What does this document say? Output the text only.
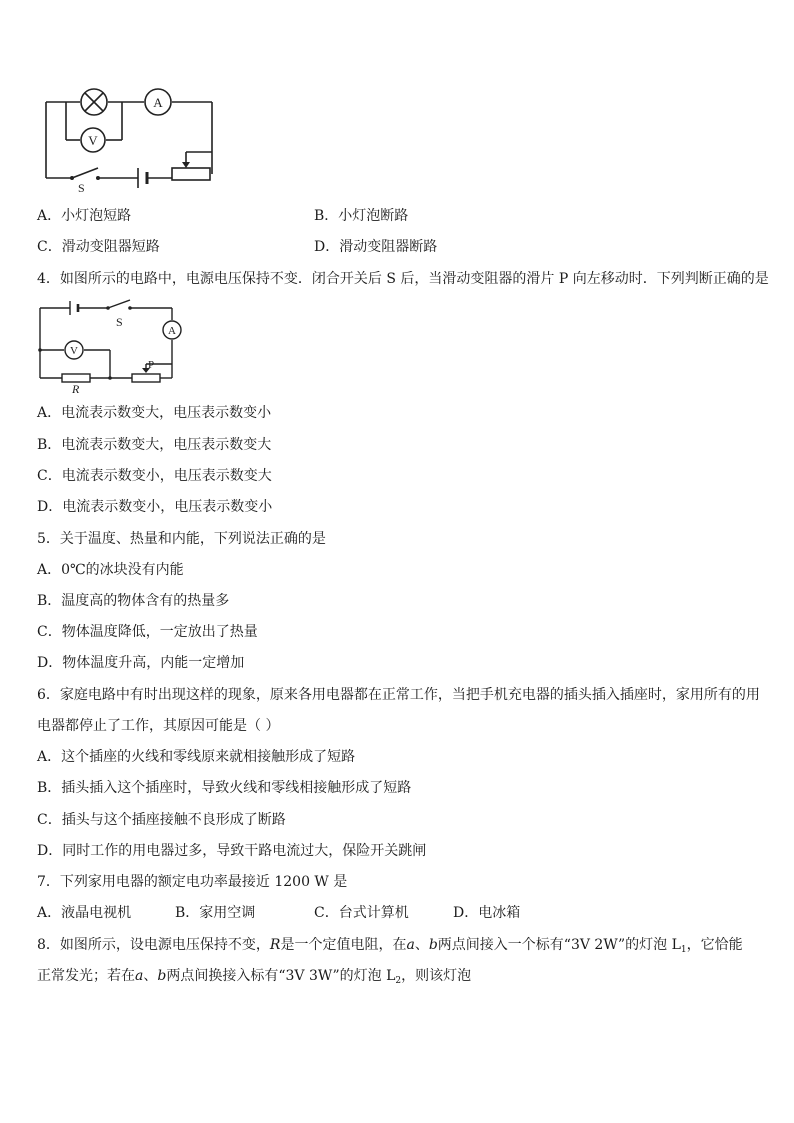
A
V
S
A．小灯泡短路	B．小灯泡断路
C．滑动变阻器短路	D．滑动变阻器断路
4．如图所示的电路中，电源电压保持不变．闭合开关后 S 后，当滑动变阻器的滑片 P 向左移动时．下列判断正确的是
S
A
V
P
R
A．电流表示数变大，电压表示数变小
B．电流表示数变大，电压表示数变大
C．电流表示数变小，电压表示数变大
D．电流表示数变小，电压表示数变小
5．关于温度、热量和内能，下列说法正确的是
A．0℃的冰块没有内能
B．温度高的物体含有的热量多
C．物体温度降低，一定放出了热量
D．物体温度升高，内能一定增加
6．家庭电路中有时出现这样的现象，原来各用电器都在正常工作，当把手机充电器的插头插入插座时，家用所有的用
电器都停止了工作，其原因可能是（ ）
A．这个插座的火线和零线原来就相接触形成了短路
B．插头插入这个插座时，导致火线和零线相接触形成了短路
C．插头与这个插座接触不良形成了断路
D．同时工作的用电器过多，导致干路电流过大，保险开关跳闸
7．下列家用电器的额定电功率最接近 1200 W 是
A．液晶电视机	B．家用空调	C．台式计算机	D．电冰箱
8．如图所示，设电源电压保持不变，R是一个定值电阻，在a、b两点间接入一个标有“3V 2W”的灯泡 $L_1$，它恰能
正常发光；若在a、b两点间换接入标有“3V 3W”的灯泡 $L_2$，则该灯泡
